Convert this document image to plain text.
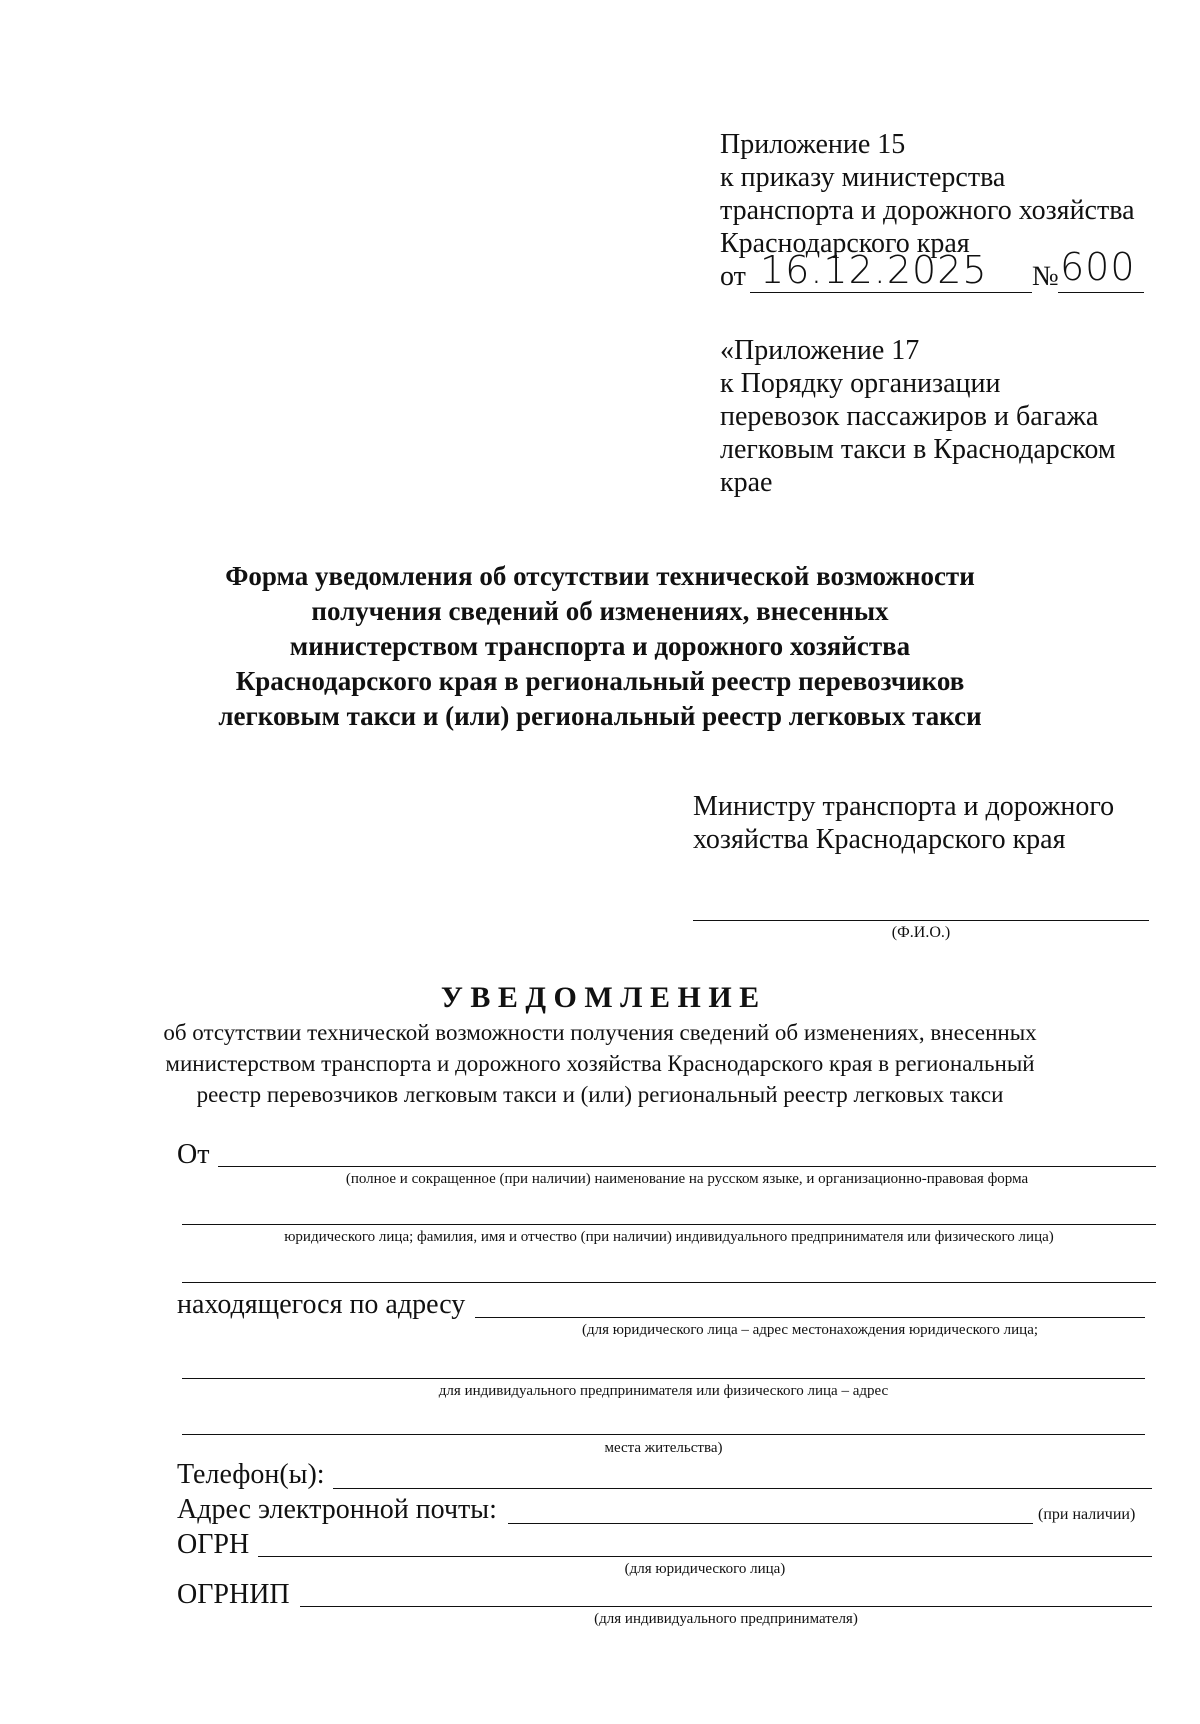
Приложение 15
к приказу министерства
транспорта и дорожного хозяйства
Краснодарского края
от 16.12.2025 № 600
«Приложение 17
к Порядку организации
перевозок пассажиров и багажа
легковым такси в Краснодарском
крае
Форма уведомления об отсутствии технической возможности
получения сведений об изменениях, внесенных
министерством транспорта и дорожного хозяйства
Краснодарского края в региональный реестр перевозчиков
легковым такси и (или) региональный реестр легковых такси
Министру транспорта и дорожного
хозяйства Краснодарского края
(Ф.И.О.)
У В Е Д О М Л Е Н И Е
об отсутствии технической возможности получения сведений об изменениях, внесенных
министерством транспорта и дорожного хозяйства Краснодарского края в региональный
реестр перевозчиков легковым такси и (или) региональный реестр легковых такси
От
(полное и сокращенное (при наличии) наименование на русском языке, и организационно-правовая форма
юридического лица; фамилия, имя и отчество (при наличии) индивидуального предпринимателя или физического лица)
находящегося по адресу
(для юридического лица – адрес местонахождения юридического лица;
для индивидуального предпринимателя или физического лица – адрес
места жительства)
Телефон(ы):
Адрес электронной почты:	(при наличии)
ОГРН
(для юридического лица)
ОГРНИП
(для индивидуального предпринимателя)
